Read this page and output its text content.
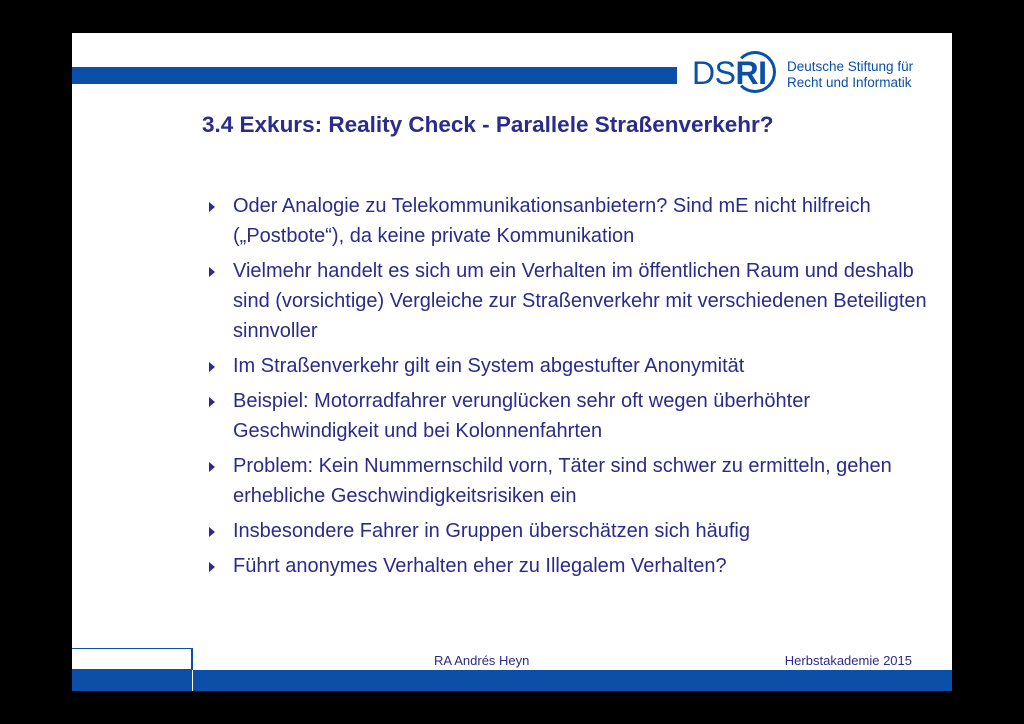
DSRI Deutsche Stiftung für
Recht und Informatik
3.4 Exkurs: Reality Check - Parallele Straßenverkehr?
Oder Analogie zu Telekommunikationsanbietern? Sind mE nicht hilfreich („Postbote“), da keine private Kommunikation
Vielmehr handelt es sich um ein Verhalten im öffentlichen Raum und deshalb sind (vorsichtige) Vergleiche zur Straßenverkehr mit verschiedenen Beteiligten sinnvoller
Im Straßenverkehr gilt ein System abgestufter Anonymität
Beispiel: Motorradfahrer verunglücken sehr oft wegen überhöhter Geschwindigkeit und bei Kolonnenfahrten
Problem: Kein Nummernschild vorn, Täter sind schwer zu ermitteln, gehen erhebliche Geschwindigkeitsrisiken ein
Insbesondere Fahrer in Gruppen überschätzen sich häufig
Führt anonymes Verhalten eher zu Illegalem Verhalten?
RA Andrés Heyn	Herbstakademie 2015
